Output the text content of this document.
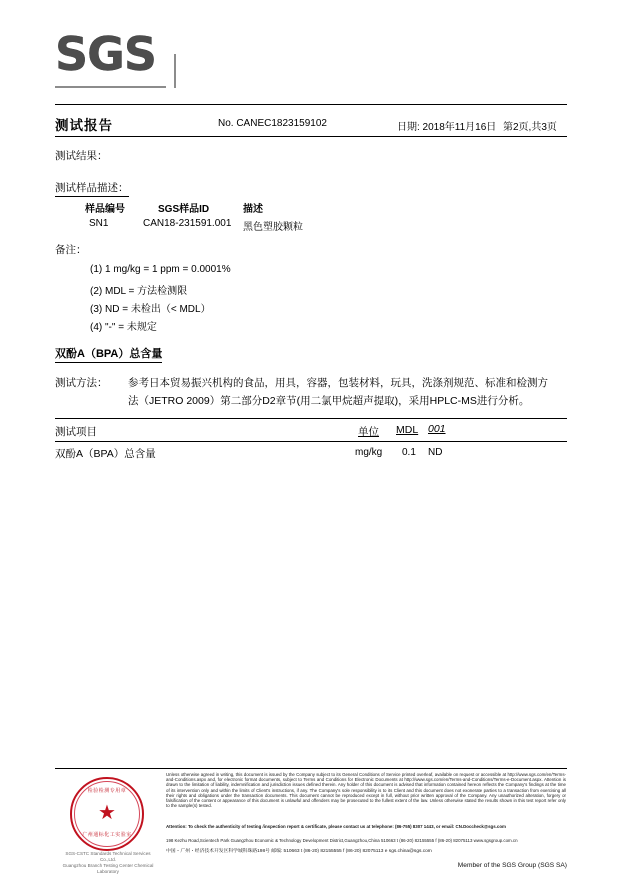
SGS
测试报告	No. CANEC1823159102	日期: 2018年11月16日 第2页,共3页
测试结果：
测试样品描述：
样品编号	SGS样品ID	描述
SN1	CAN18-231591.001 黑色塑胶颗粒
备注：
(1) 1 mg/kg = 1 ppm = 0.0001%
(2) MDL = 方法检测限
(3) ND = 未检出（< MDL）
(4) "-" = 未规定
双酚A（BPA）总含量
测试方法： 参考日本贸易振兴机构的食品，用具，容器，包装材料，玩具，洗涤剂规范、标准和检测方
法（JETRO 2009）第二部分D2章节(用二氯甲烷超声提取)，采用HPLC-MS进行分析。
测试项目	单位 MDL 001
双酚A（BPA）总含量	mg/kg 0.1 ND
检验检测专用章
★
广州通标化工实验室
SGS-CSTC Standards Technical Services Co.,Ltd.
Guangzhou Branch Testing Center Chemical Laboratory
Unless otherwise agreed in writing, this document is issued by the Company subject to its General Conditions of Service printed overleaf, available on request or accessible at http://www.sgs.com/en/Terms-and-Conditions.aspx and, for electronic format documents, subject to Terms and Conditions for Electronic Documents at http://www.sgs.com/en/Terms-and-Conditions/Terms-e-Document.aspx. Attention is drawn to the limitation of liability, indemnification and jurisdiction issues defined therein. Any holder of this document is advised that information contained hereon reflects the Company's findings at the time of its intervention only and within the limits of Client's instructions, if any. The Company's sole responsibility is to its Client and this document does not exonerate parties to a transaction from exercising all their rights and obligations under the transaction documents. This document cannot be reproduced except in full, without prior written approval of the Company. Any unauthorized alteration, forgery or falsification of the content or appearance of this document is unlawful and offenders may be prosecuted to the fullest extent of the law. Unless otherwise stated the results shown in this test report refer only to the sample(s) tested.
Attention: To check the authenticity of testing /inspection report & certificate, please contact us at telephone: (86-755) 8307 1443, or email: CN.Doccheck@sgs.com
198 Kezhu Road,Scientech Park Guangzhou Economic & Technology Development District,Guangzhou,China 510663 t (86-20) 82155555 f (86-20) 82075113 www.sgsgroup.com.cn
中国・广州・经济技术开发区科学城科珠路198号 邮编: 510663 t (86-20) 82155555 f (86-20) 82075113 e sgs.china@sgs.com
Member of the SGS Group (SGS SA)
